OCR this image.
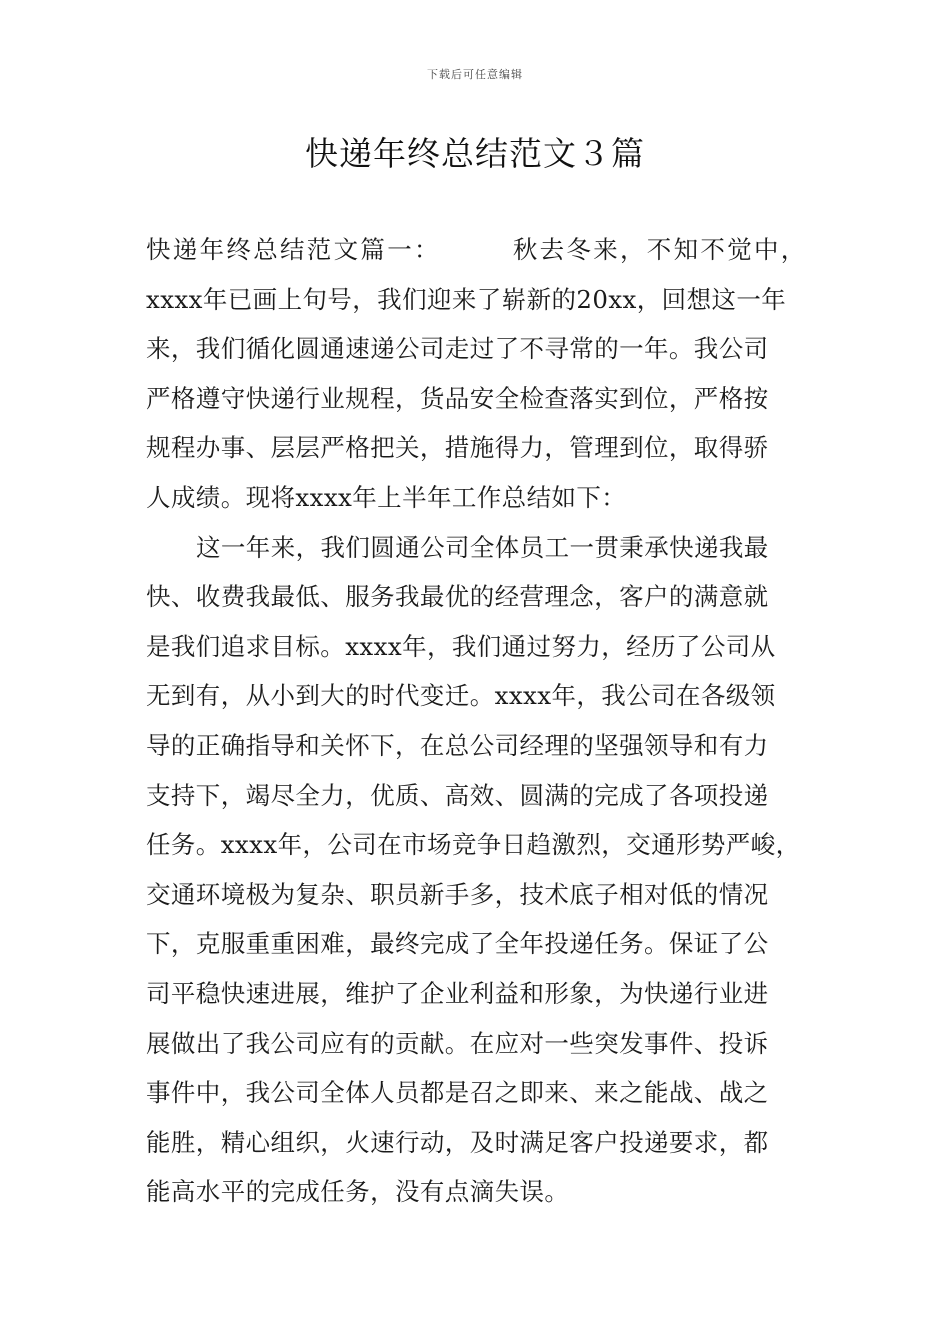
下载后可任意编辑
快递年终总结范文３篇
快递年终总结范文篇一：	秋去冬来，不知不觉中，
xxxx年已画上句号，我们迎来了崭新的20xx，回想这一年
来，我们循化圆通速递公司走过了不寻常的一年。我公司
严格遵守快递行业规程，货品安全检查落实到位，严格按
规程办事、层层严格把关，措施得力，管理到位，取得骄
人成绩。现将xxxx年上半年工作总结如下：
这一年来，我们圆通公司全体员工一贯秉承快递我最
快、收费我最低、服务我最优的经营理念，客户的满意就
是我们追求目标。xxxx年，我们通过努力，经历了公司从
无到有，从小到大的时代变迁。xxxx年，我公司在各级领
导的正确指导和关怀下，在总公司经理的坚强领导和有力
支持下，竭尽全力，优质、高效、圆满的完成了各项投递
任务。xxxx年，公司在市场竞争日趋激烈，交通形势严峻，
交通环境极为复杂、职员新手多，技术底子相对低的情况
下，克服重重困难，最终完成了全年投递任务。保证了公
司平稳快速进展，维护了企业利益和形象，为快递行业进
展做出了我公司应有的贡献。在应对一些突发事件、投诉
事件中，我公司全体人员都是召之即来、来之能战、战之
能胜，精心组织，火速行动，及时满足客户投递要求，都
能高水平的完成任务，没有点滴失误。
